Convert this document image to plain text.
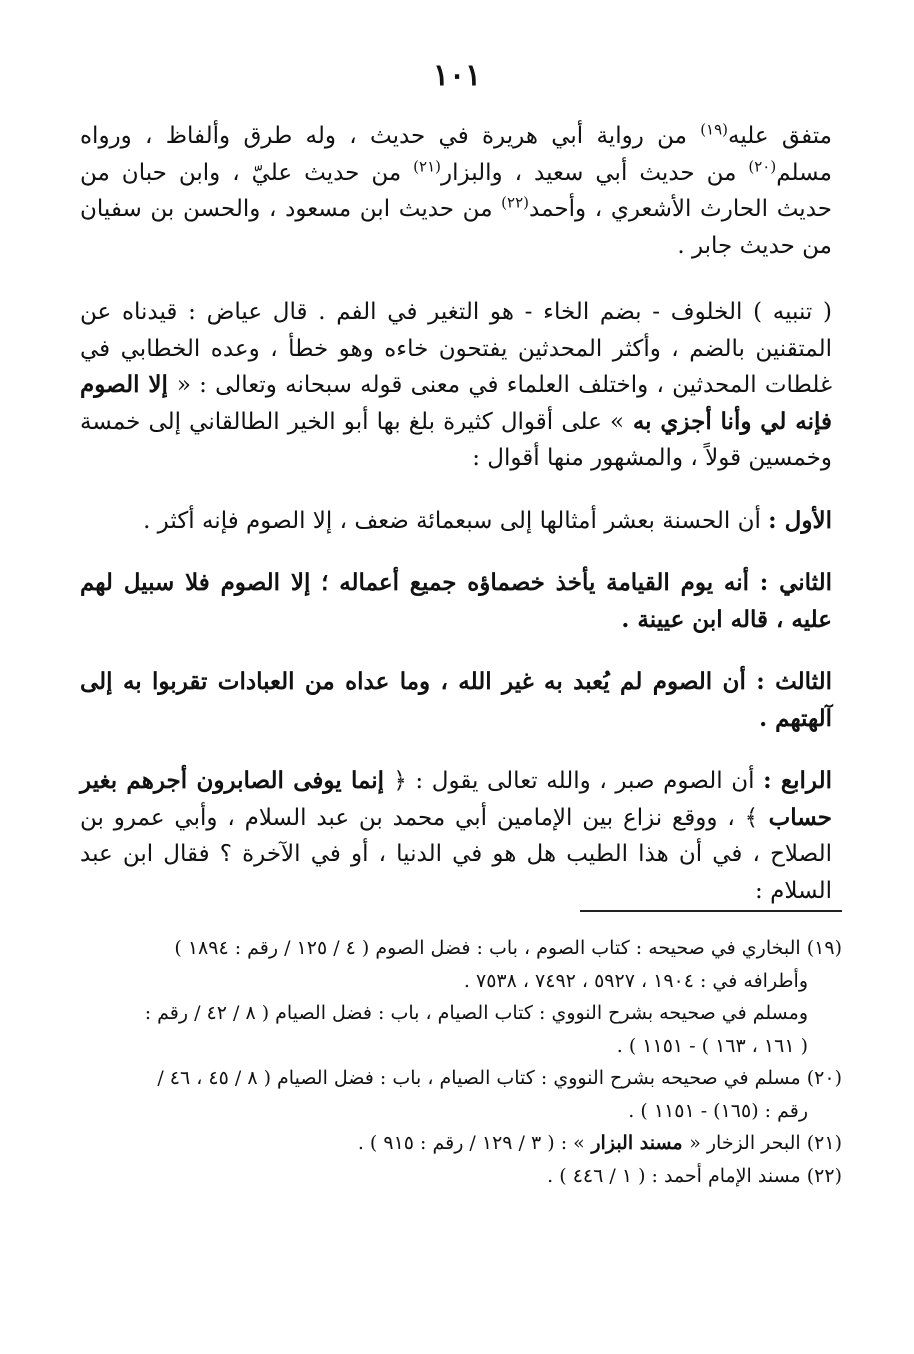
١٠١

متفق عليه$^{(١٩)}$ من رواية أبي هريرة في حديث ، وله طرق وألفاظ ، ورواه مسلم$^{(٢٠)}$ من حديث أبي سعيد ، والبزار$^{(٢١)}$ من حديث عليّ ، وابن حبان من حديث الحارث الأشعري ، وأحمد$^{(٢٢)}$ من حديث ابن مسعود ، والحسن بن سفيان من حديث جابر .

( تنبيه ) الخلوف - بضم الخاء - هو التغير في الفم . قال عياض : قيدناه عن المتقنين بالضم ، وأكثر المحدثين يفتحون خاءه وهو خطأ ، وعده الخطابي في غلطات المحدثين ، واختلف العلماء في معنى قوله سبحانه وتعالى : « إلا الصوم فإنه لي وأنا أجزي به » على أقوال كثيرة بلغ بها أبو الخير الطالقاني إلى خمسة وخمسين قولاً ، والمشهور منها أقوال :

الأول : أن الحسنة بعشر أمثالها إلى سبعمائة ضعف ، إلا الصوم فإنه أكثر .

الثاني : أنه يوم القيامة يأخذ خصماؤه جميع أعماله ؛ إلا الصوم فلا سبيل لهم عليه ، قاله ابن عيينة .

الثالث : أن الصوم لم يُعبد به غير الله ، وما عداه من العبادات تقربوا به إلى آلهتهم .

الرابع : أن الصوم صبر ، والله تعالى يقول : ﴿ إنما يوفى الصابرون أجرهم بغير حساب ﴾ ، ووقع نزاع بين الإمامين أبي محمد بن عبد السلام ، وأبي عمرو بن الصلاح ، في أن هذا الطيب هل هو في الدنيا ، أو في الآخرة ؟ فقال ابن عبد السلام :

(١٩) البخاري في صحيحه : كتاب الصوم ، باب : فضل الصوم ( ٤ / ١٢٥ / رقم : ١٨٩٤ )
وأطرافه في : ١٩٠٤ ، ٥٩٢٧ ، ٧٤٩٢ ، ٧٥٣٨ .
ومسلم في صحيحه بشرح النووي : كتاب الصيام ، باب : فضل الصيام ( ٨ / ٤٢ / رقم :
( ١٦١ ، ١٦٣ ) - ١١٥١ ) .
(٢٠) مسلم في صحيحه بشرح النووي : كتاب الصيام ، باب : فضل الصيام ( ٨ / ٤٥ ، ٤٦ /
رقم : (١٦٥) - ١١٥١ ) .
(٢١) البحر الزخار « مسند البزار » : ( ٣ / ١٢٩ / رقم : ٩١٥ ) .
(٢٢) مسند الإمام أحمد : ( ١ / ٤٤٦ ) .
